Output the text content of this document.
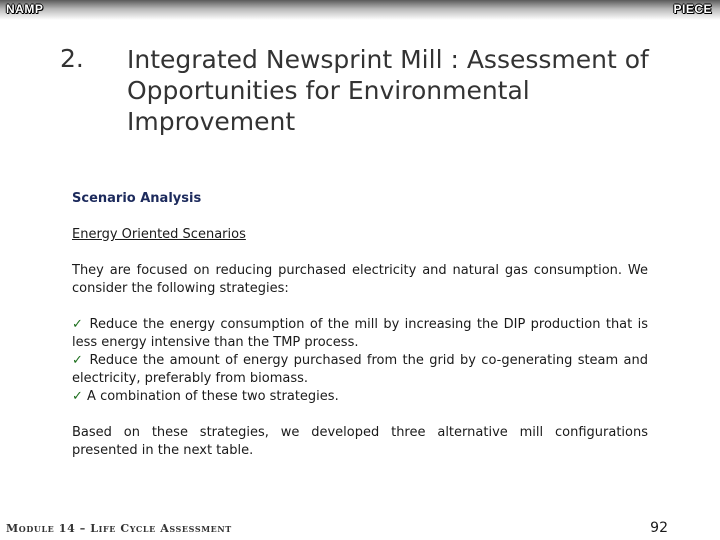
NAMP	PIECE
2. Integrated Newsprint Mill : Assessment of Opportunities for Environmental Improvement
Scenario Analysis
Energy Oriented Scenarios
They are focused on reducing purchased electricity and natural gas consumption. We consider the following strategies:
✓ Reduce the energy consumption of the mill by increasing the DIP production that is less energy intensive than the TMP process.
✓ Reduce the amount of energy purchased from the grid by co-generating steam and electricity, preferably from biomass.
✓ A combination of these two strategies.
Based on these strategies, we developed three alternative mill configurations presented in the next table.
Module 14 – Life Cycle Assessment	92
